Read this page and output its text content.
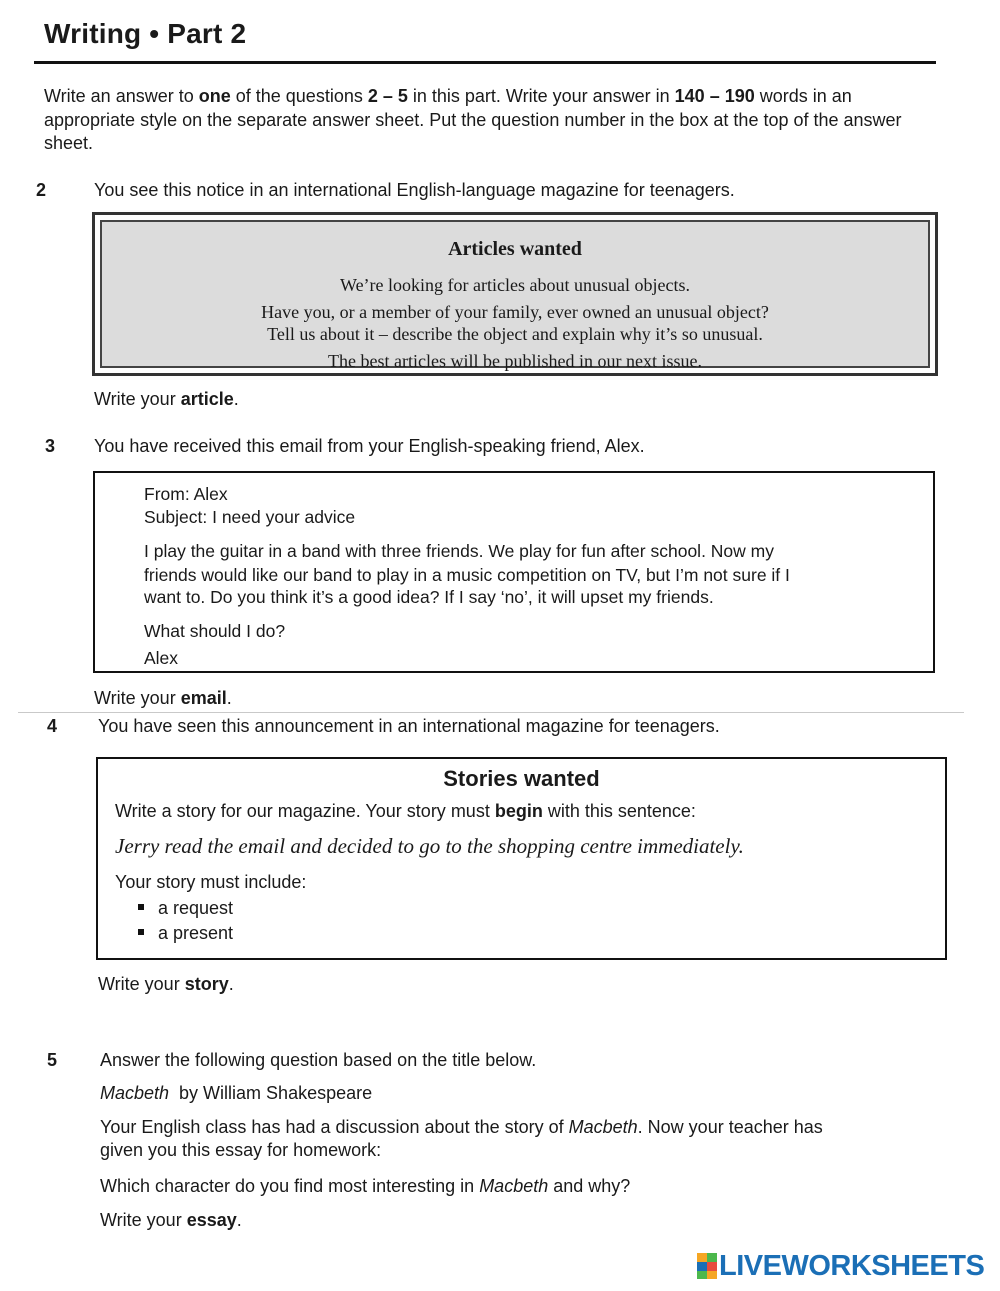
Writing • Part 2
Write an answer to one of the questions 2 – 5 in this part. Write your answer in 140 – 190 words in an appropriate style on the separate answer sheet. Put the question number in the box at the top of the answer sheet.
2	You see this notice in an international English-language magazine for teenagers.
Articles wanted
We’re looking for articles about unusual objects.
Have you, or a member of your family, ever owned an unusual object?
Tell us about it – describe the object and explain why it’s so unusual.
The best articles will be published in our next issue.
Write your article.
3 You have received this email from your English-speaking friend, Alex.
From: Alex
Subject: I need your advice
I play the guitar in a band with three friends. We play for fun after school. Now my
friends would like our band to play in a music competition on TV, but I’m not sure if I
want to. Do you think it’s a good idea? If I say ‘no’, it will upset my friends.
What should I do?
Alex
Write your email.
4 You have seen this announcement in an international magazine for teenagers.
Stories wanted
Write a story for our magazine. Your story must begin with this sentence:
Jerry read the email and decided to go to the shopping centre immediately.
Your story must include:
a request
a present
Write your story.
5 Answer the following question based on the title below.
Macbeth  by William Shakespeare
Your English class has had a discussion about the story of Macbeth. Now your teacher has
given you this essay for homework:
Which character do you find most interesting in Macbeth and why?
Write your essay.
LIVEWORKSHEETS
